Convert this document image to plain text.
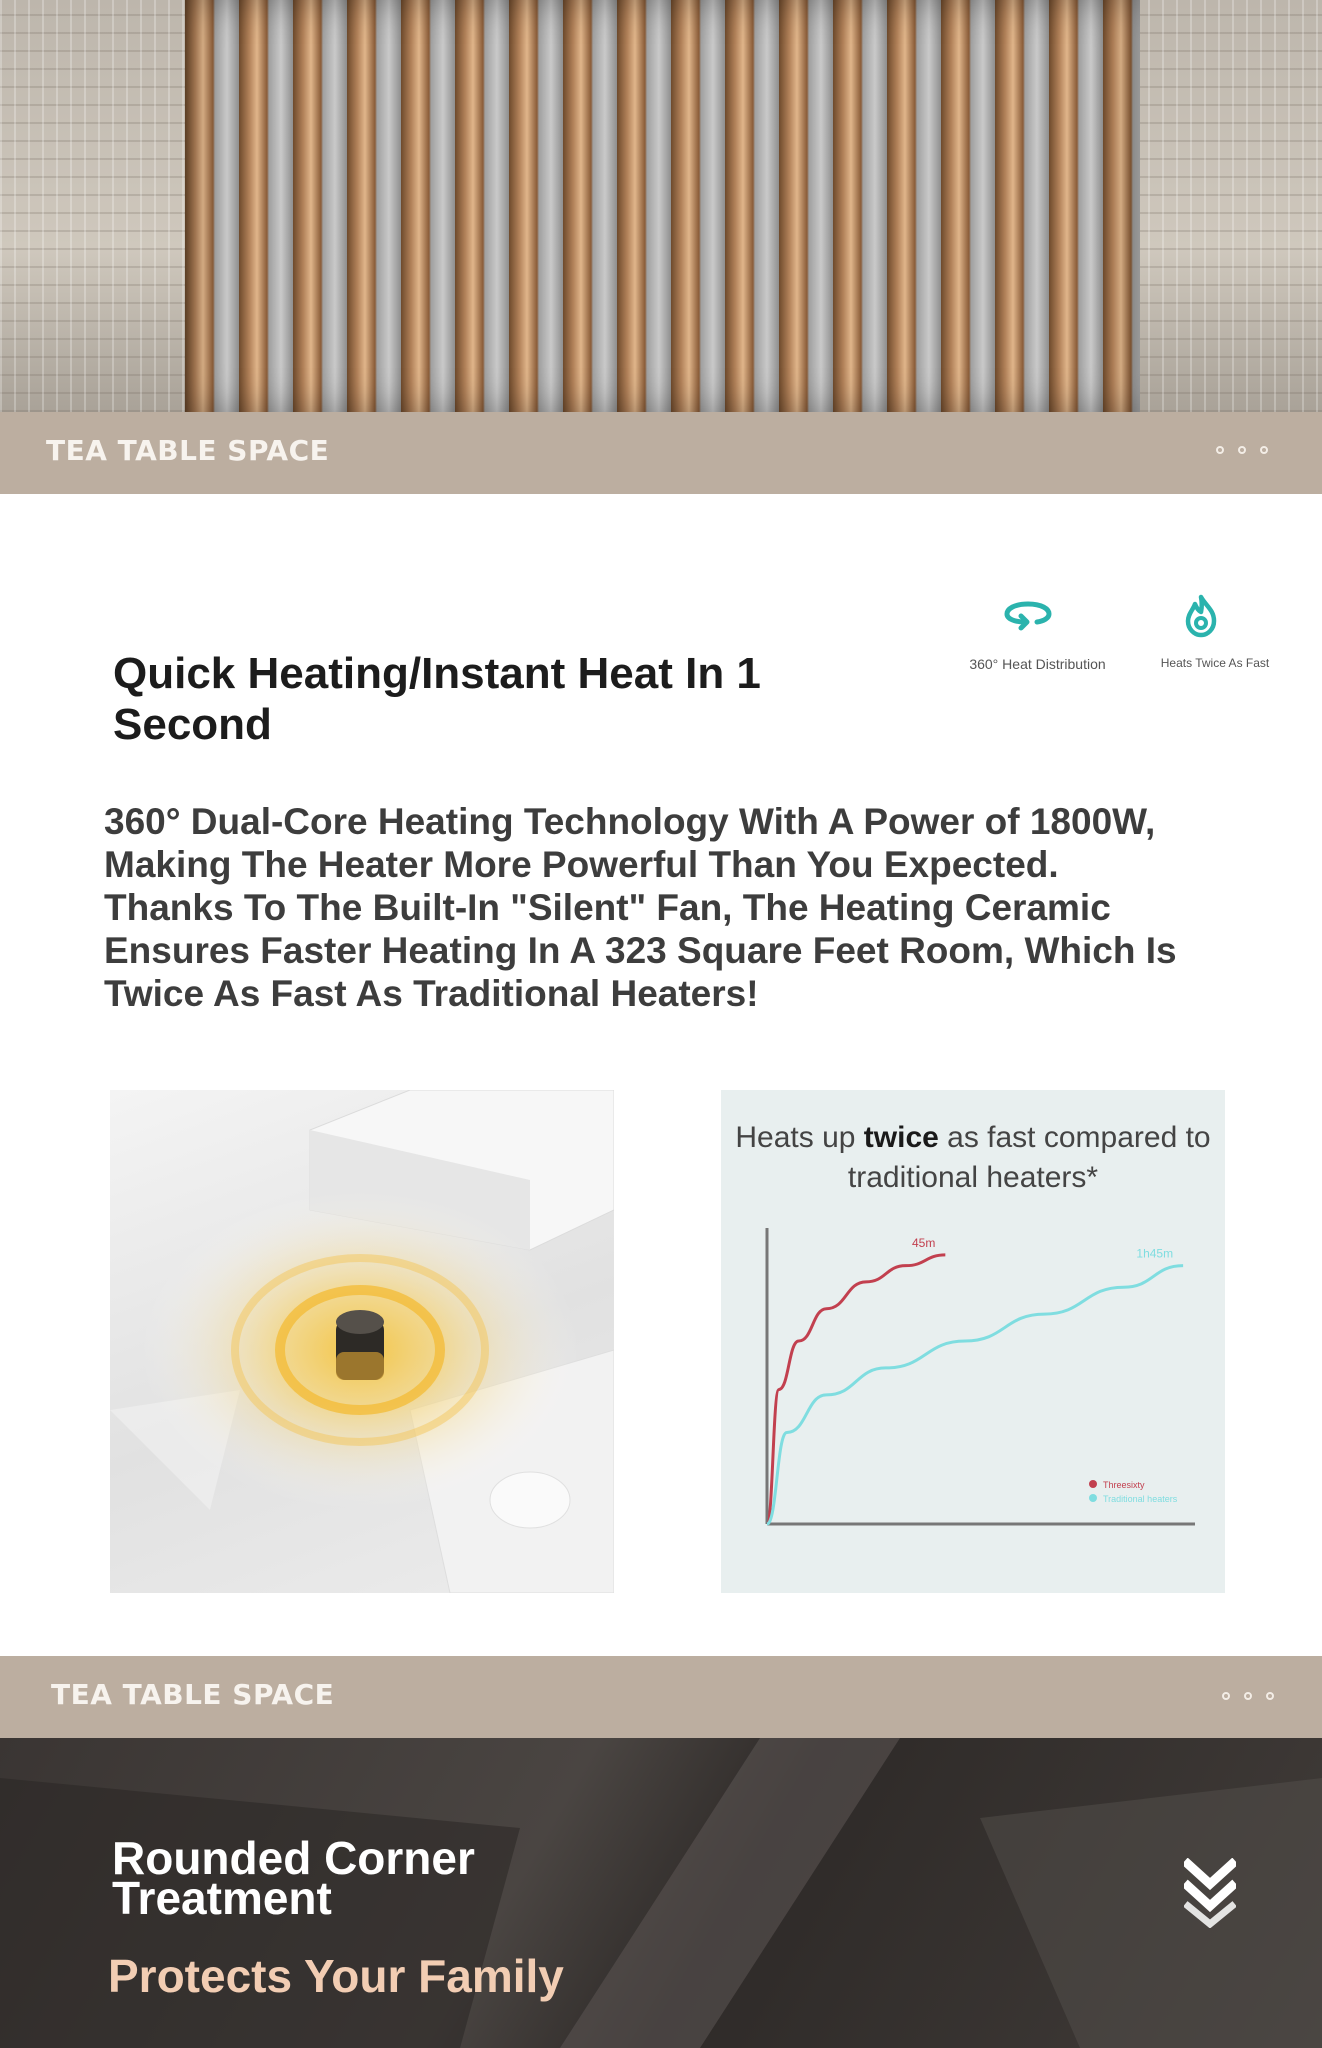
TEA TABLE SPACE
360° Heat Distribution	Heats Twice As Fast
Quick Heating/Instant Heat In 1 Second
360° Dual-Core Heating Technology With A Power of 1800W, Making The Heater More Powerful Than You Expected. Thanks To The Built-In "Silent" Fan, The Heating Ceramic Ensures Faster Heating In A 323 Square Feet Room, Which Is Twice As Fast As Traditional Heaters!
Heats up twice as fast compared to traditional heaters*
45m
Threesixty
1h45m
Traditional heaters
TEA TABLE SPACE
Rounded Corner Treatment
Protects Your Family
